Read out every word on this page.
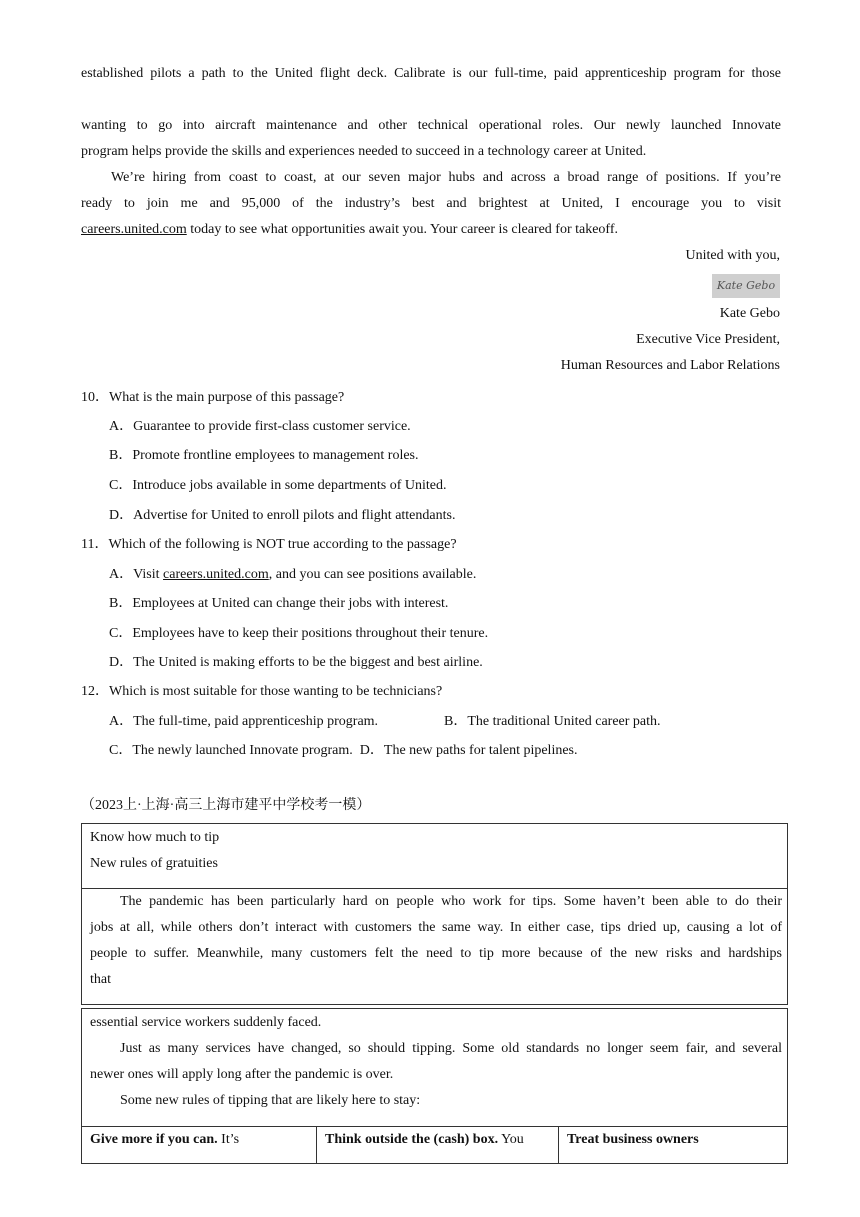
established pilots a path to the United flight deck. Calibrate is our full-time, paid apprenticeship program for those
wanting to go into aircraft maintenance and other technical operational roles. Our newly launched Innovate
program helps provide the skills and experiences needed to succeed in a technology career at United.
We’re hiring from coast to coast, at our seven major hubs and across a broad range of positions. If you’re
ready to join me and 95,000 of the industry’s best and brightest at United, I encourage you to visit
careers.united.com today to see what opportunities await you. Your career is cleared for takeoff.
United with you,
Kate Gebo
Kate Gebo
Executive Vice President,
Human Resources and Labor Relations
10．What is the main purpose of this passage?
A．Guarantee to provide first-class customer service.
B．Promote frontline employees to management roles.
C．Introduce jobs available in some departments of United.
D．Advertise for United to enroll pilots and flight attendants.
11．Which of the following is NOT true according to the passage?
A．Visit careers.united.com, and you can see positions available.
B．Employees at United can change their jobs with interest.
C．Employees have to keep their positions throughout their tenure.
D．The United is making efforts to be the biggest and best airline.
12．Which is most suitable for those wanting to be technicians?
A．The full-time, paid apprenticeship program.	B．The traditional United career path.
C．The newly launched Innovate program. D．The new paths for talent pipelines.
（2023上·上海·高三上海市建平中学校考一模）
Know how much to tip
New rules of gratuities
The pandemic has been particularly hard on people who work for tips. Some haven’t been able to do their
jobs at all, while others don’t interact with customers the same way. In either case, tips dried up, causing a lot of
people to suffer. Meanwhile, many customers felt the need to tip more because of the new risks and hardships
that
essential service workers suddenly faced.
Just as many services have changed, so should tipping. Some old standards no longer seem fair, and several
newer ones will apply long after the pandemic is over.
Some new rules of tipping that are likely here to stay:
Give more if you can. It’s	Think outside the (cash) box. You	Treat business owners
